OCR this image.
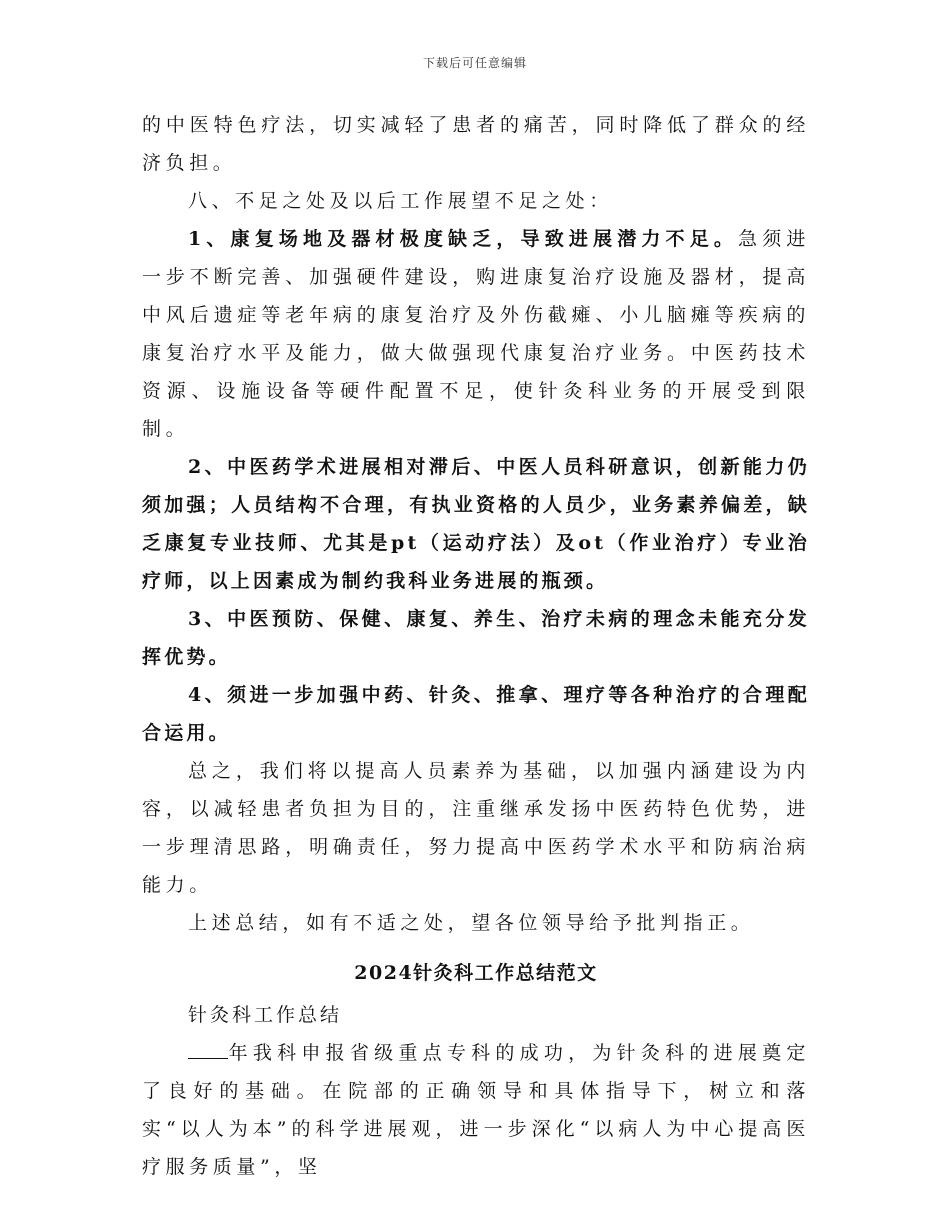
下载后可任意编辑

的中医特色疗法，切实减轻了患者的痛苦，同时降低了群众的经济负担。

八、不足之处及以后工作展望不足之处：

1、康复场地及器材极度缺乏，导致进展潜力不足。急须进一步不断完善、加强硬件建设，购进康复治疗设施及器材，提高中风后遗症等老年病的康复治疗及外伤截瘫、小儿脑瘫等疾病的康复治疗水平及能力，做大做强现代康复治疗业务。中医药技术资源、设施设备等硬件配置不足，使针灸科业务的开展受到限制。

2、中医药学术进展相对滞后、中医人员科研意识，创新能力仍须加强；人员结构不合理，有执业资格的人员少，业务素养偏差，缺乏康复专业技师、尤其是pt（运动疗法）及ot（作业治疗）专业治疗师，以上因素成为制约我科业务进展的瓶颈。

3、中医预防、保健、康复、养生、治疗未病的理念未能充分发挥优势。

4、须进一步加强中药、针灸、推拿、理疗等各种治疗的合理配合运用。

总之，我们将以提高人员素养为基础，以加强内涵建设为内容，以减轻患者负担为目的，注重继承发扬中医药特色优势，进一步理清思路，明确责任，努力提高中医药学术水平和防病治病能力。

上述总结，如有不适之处，望各位领导给予批判指正。

2024针灸科工作总结范文

针灸科工作总结

年我科申报省级重点专科的成功，为针灸科的进展奠定了良好的基础。在院部的正确领导和具体指导下，树立和落实“以人为本”的科学进展观，进一步深化“以病人为中心提高医疗服务质量”，坚
